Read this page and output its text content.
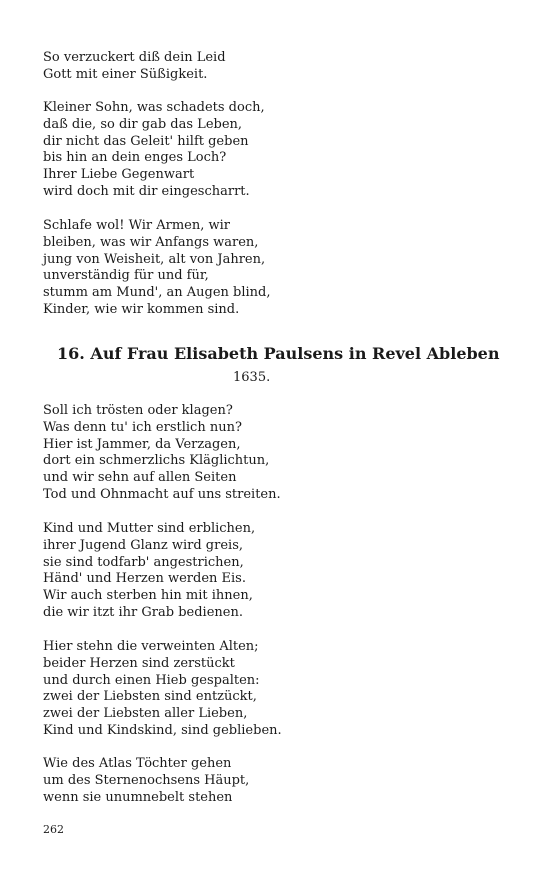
So verzuckert diß dein Leid
Gott mit einer Süßigkeit.
Kleiner Sohn, was schadets doch,
daß die, so dir gab das Leben,
dir nicht das Geleit' hilft geben
bis hin an dein enges Loch?
Ihrer Liebe Gegenwart
wird doch mit dir eingescharrt.
Schlafe wol! Wir Armen, wir
bleiben, was wir Anfangs waren,
jung von Weisheit, alt von Jahren,
unverständig für und für,
stumm am Mund', an Augen blind,
Kinder, wie wir kommen sind.
16. Auf Frau Elisabeth Paulsens in Revel Ableben
1635.
Soll ich trösten oder klagen?
Was denn tu' ich erstlich nun?
Hier ist Jammer, da Verzagen,
dort ein schmerzlichs Kläglichtun,
und wir sehn auf allen Seiten
Tod und Ohnmacht auf uns streiten.
Kind und Mutter sind erblichen,
ihrer Jugend Glanz wird greis,
sie sind todfarb' angestrichen,
Händ' und Herzen werden Eis.
Wir auch sterben hin mit ihnen,
die wir itzt ihr Grab bedienen.
Hier stehn die verweinten Alten;
beider Herzen sind zerstückt
und durch einen Hieb gespalten:
zwei der Liebsten sind entzückt,
zwei der Liebsten aller Lieben,
Kind und Kindskind, sind geblieben.
Wie des Atlas Töchter gehen
um des Sternenochsens Häupt,
wenn sie unumnebelt stehen
262
